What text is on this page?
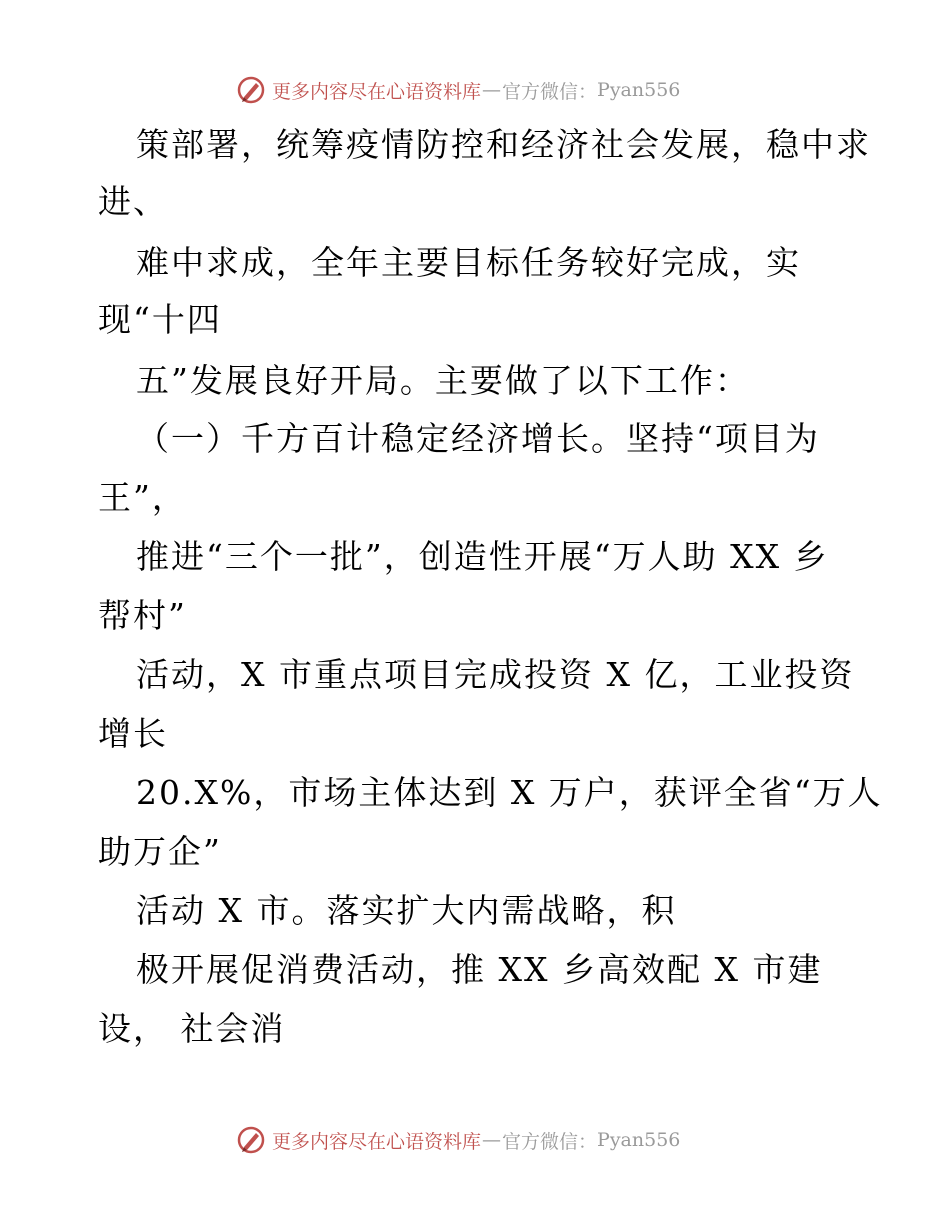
更多内容尽在心语资料库 — 官方微信： Pyan556
策部署，统筹疫情防控和经济社会发展，稳中求
进、
难中求成，全年主要目标任务较好完成，实
现“十四
五”发展良好开局。主要做了以下工作：
（一）千方百计稳定经济增长。坚持“项目为
王”，
推进“三个一批”，创造性开展“万人助 XX 乡
帮村”
活动，X 市重点项目完成投资 X 亿，工业投资
增长
20.X%，市场主体达到 X 万户，获评全省“万人
助万企”
活动 X 市。落实扩大内需战略，积
极开展促消费活动，推 XX 乡高效配 X 市建
设， 社会消
更多内容尽在心语资料库 — 官方微信： Pyan556
